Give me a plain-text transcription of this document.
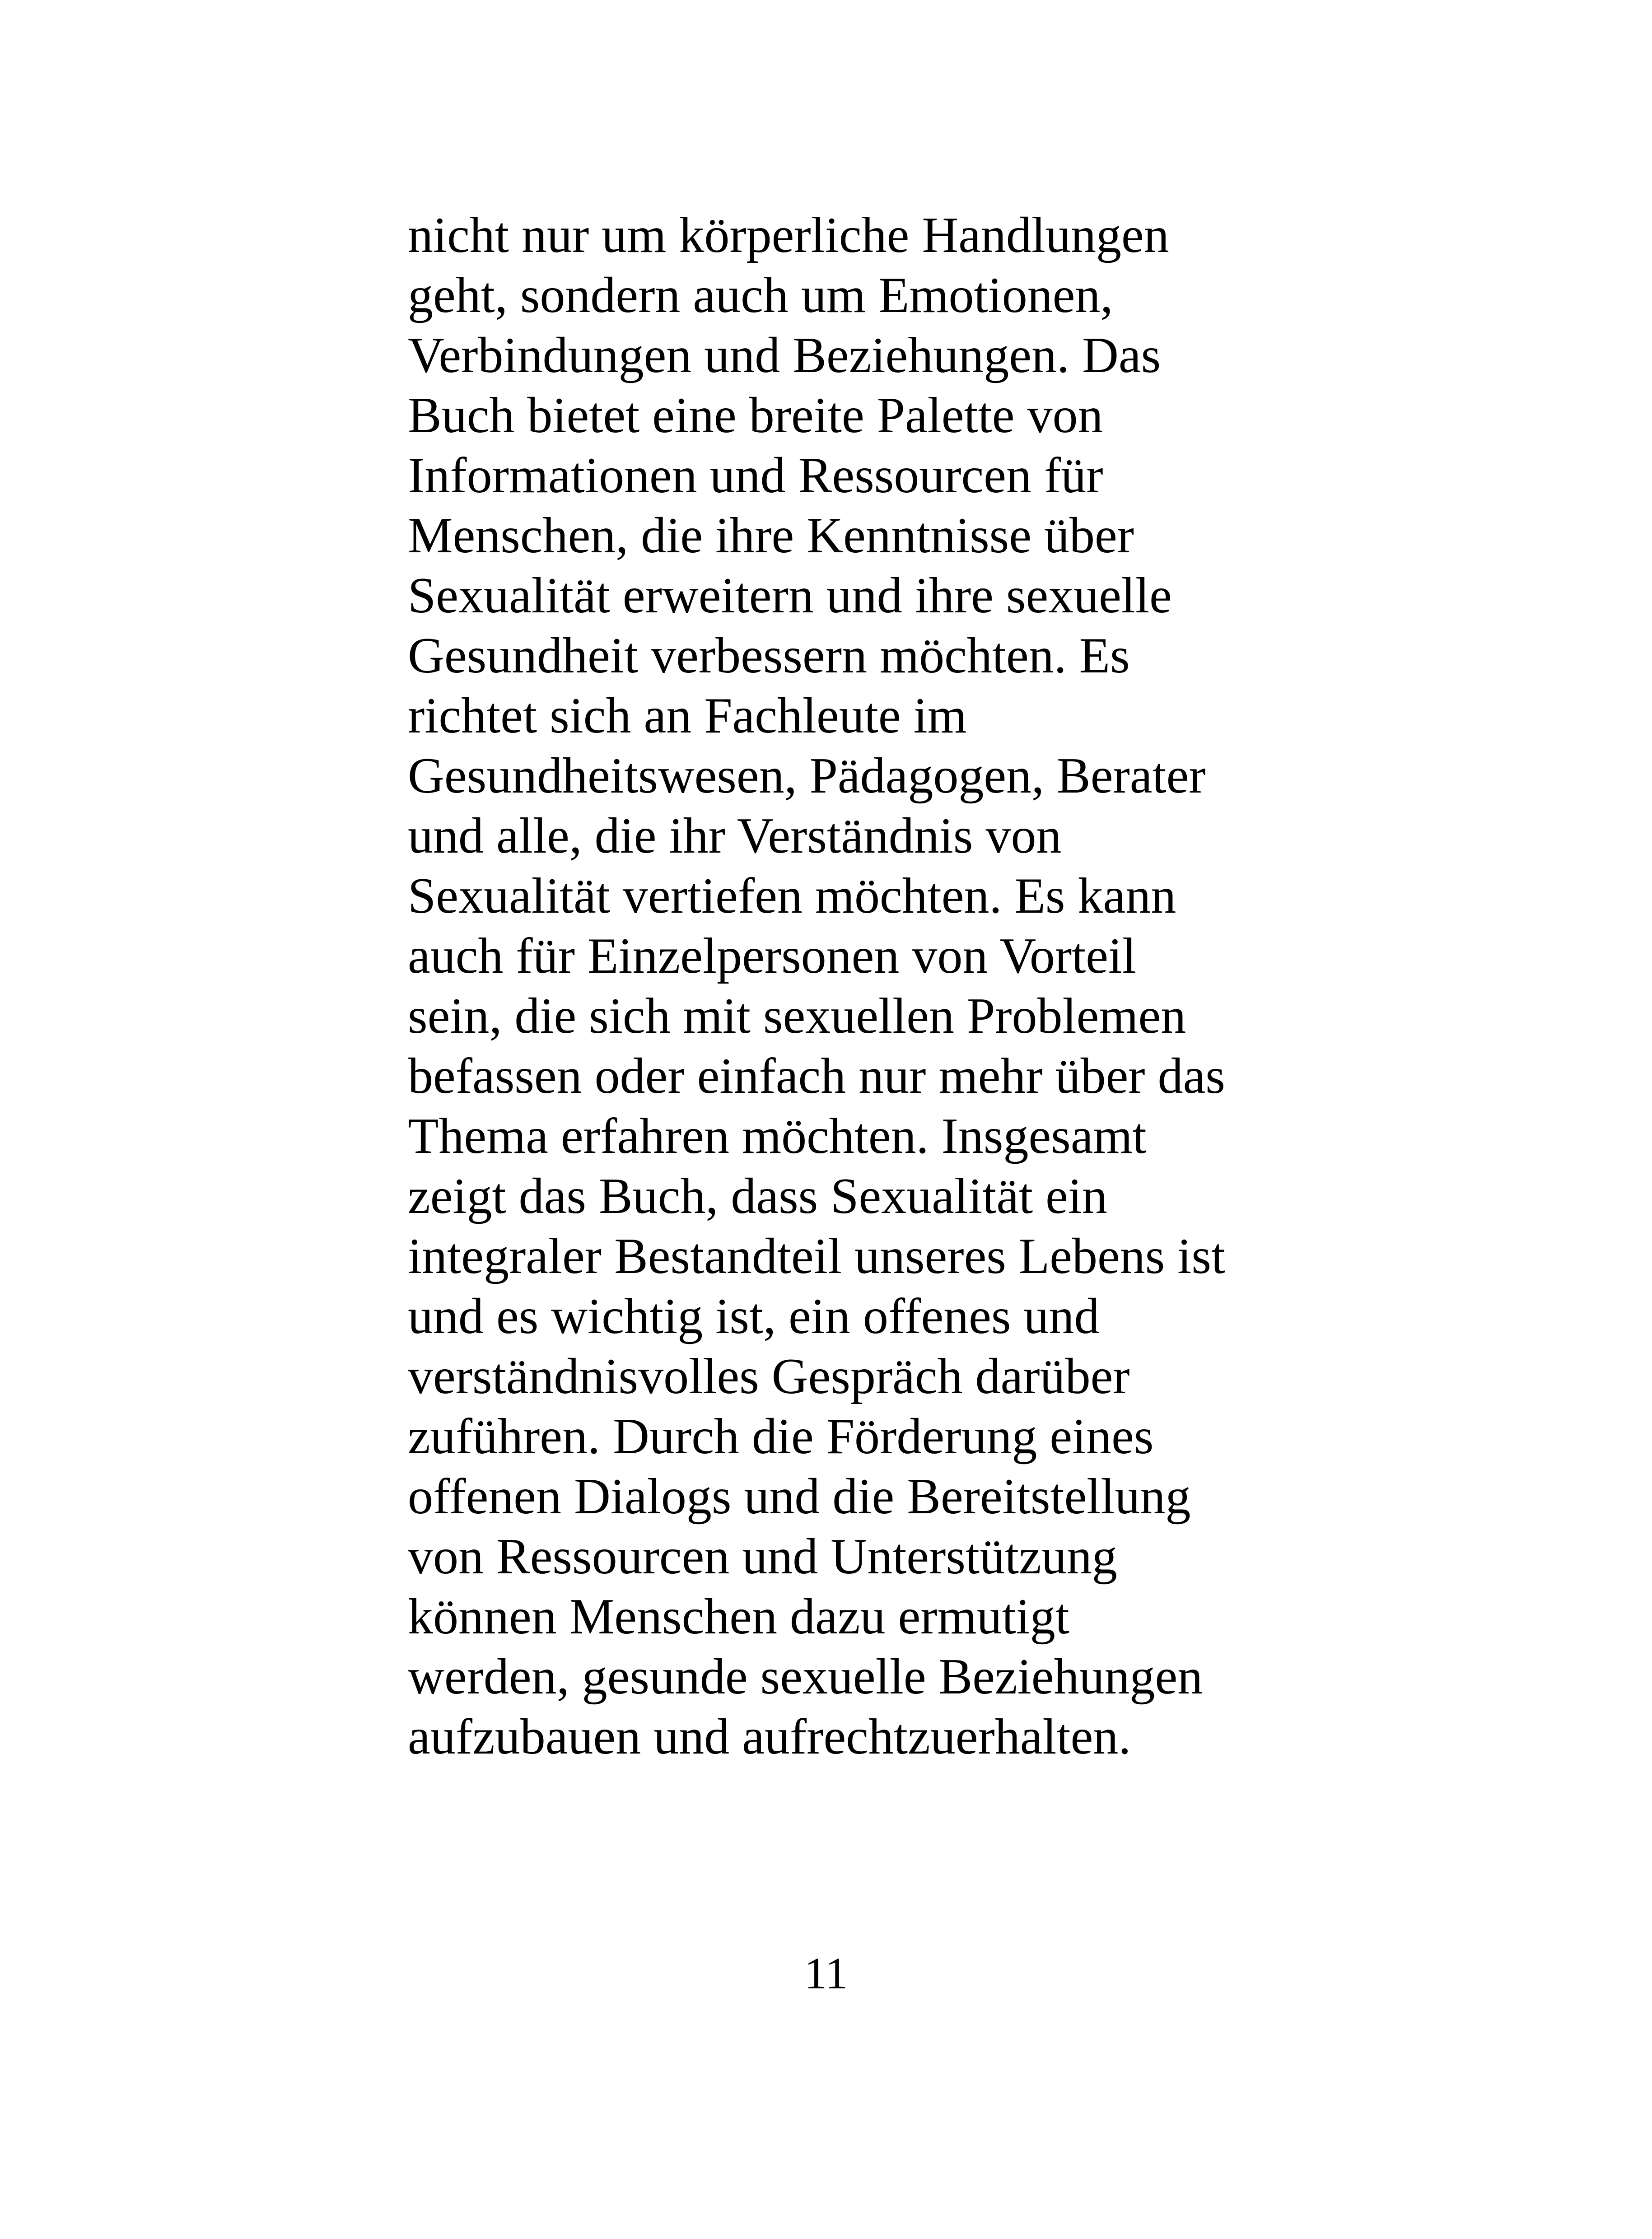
nicht nur um körperliche Handlungen
geht, sondern auch um Emotionen,
Verbindungen und Beziehungen. Das
Buch bietet eine breite Palette von
Informationen und Ressourcen für
Menschen, die ihre Kenntnisse über
Sexualität erweitern und ihre sexuelle
Gesundheit verbessern möchten. Es
richtet sich an Fachleute im
Gesundheitswesen, Pädagogen, Berater
und alle, die ihr Verständnis von
Sexualität vertiefen möchten. Es kann
auch für Einzelpersonen von Vorteil
sein, die sich mit sexuellen Problemen
befassen oder einfach nur mehr über das
Thema erfahren möchten. Insgesamt
zeigt das Buch, dass Sexualität ein
integraler Bestandteil unseres Lebens ist
und es wichtig ist, ein offenes und
verständnisvolles Gespräch darüber
zuführen. Durch die Förderung eines
offenen Dialogs und die Bereitstellung
von Ressourcen und Unterstützung
können Menschen dazu ermutigt
werden, gesunde sexuelle Beziehungen
aufzubauen und aufrechtzuerhalten.
11
